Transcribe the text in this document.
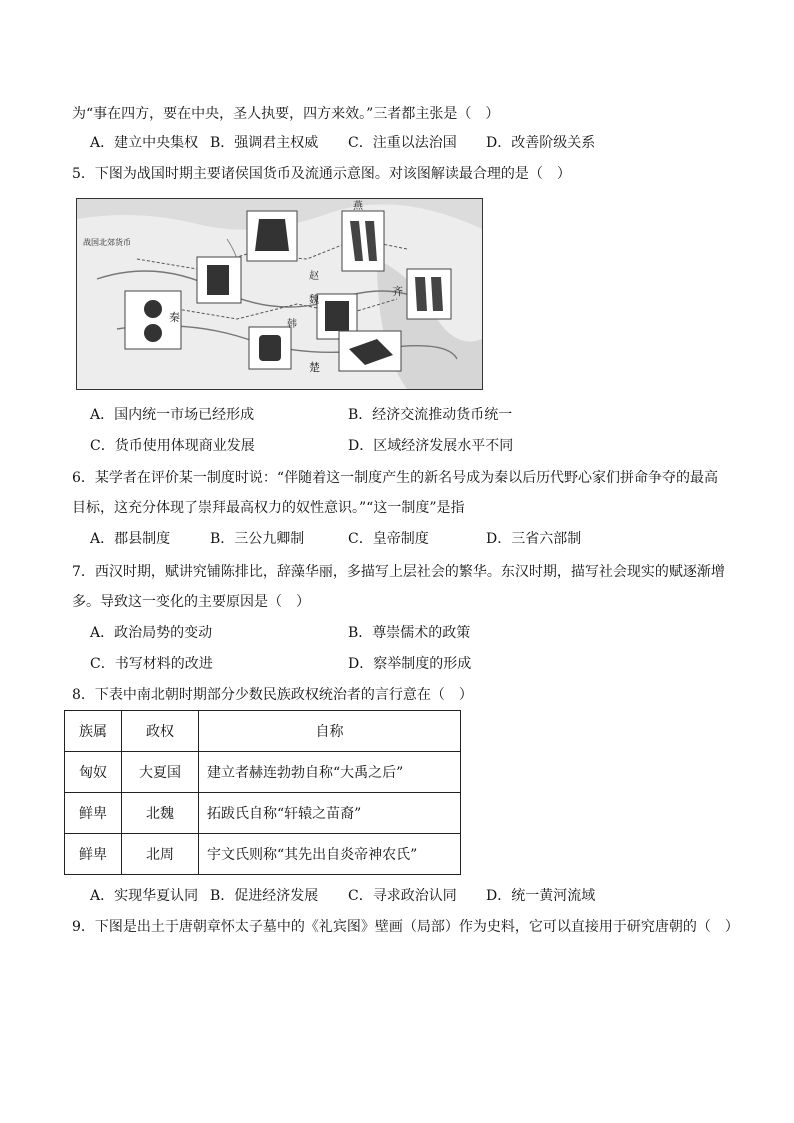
为“事在四方，要在中央，圣人执要，四方来效。”三者都主张是（　）
A．建立中央集权 B．强调君主权威 C．注重以法治国 D．改善阶级关系
5．下图为战国时期主要诸侯国货币及流通示意图。对该图解读最合理的是（　）
燕
秦
齐
赵
魏
韩
楚
战国北郊货币
A．国内统一市场已经形成	B．经济交流推动货币统一
C．货币使用体现商业发展	D．区域经济发展水平不同
6．某学者在评价某一制度时说：“伴随着这一制度产生的新名号成为秦以后历代野心家们拼命争夺的最高
目标，这充分体现了崇拜最高权力的奴性意识。”“这一制度”是指
A．郡县制度	B．三公九卿制	C．皇帝制度	D．三省六部制
7．西汉时期，赋讲究铺陈排比，辞藻华丽，多描写上层社会的繁华。东汉时期，描写社会现实的赋逐渐增
多。导致这一变化的主要原因是（　）
A．政治局势的变动	B．尊崇儒术的政策
C．书写材料的改进	D．察举制度的形成
8．下表中南北朝时期部分少数民族政权统治者的言行意在（　）
族属	政权	自称
匈奴	大夏国	建立者赫连勃勃自称“大禹之后”
鲜卑	北魏	拓跋氏自称“轩辕之苗裔”
鲜卑	北周	宇文氏则称“其先出自炎帝神农氏”
A．实现华夏认同 B．促进经济发展 C．寻求政治认同 D．统一黄河流域
9．下图是出土于唐朝章怀太子墓中的《礼宾图》壁画（局部）作为史料，它可以直接用于研究唐朝的（　）
